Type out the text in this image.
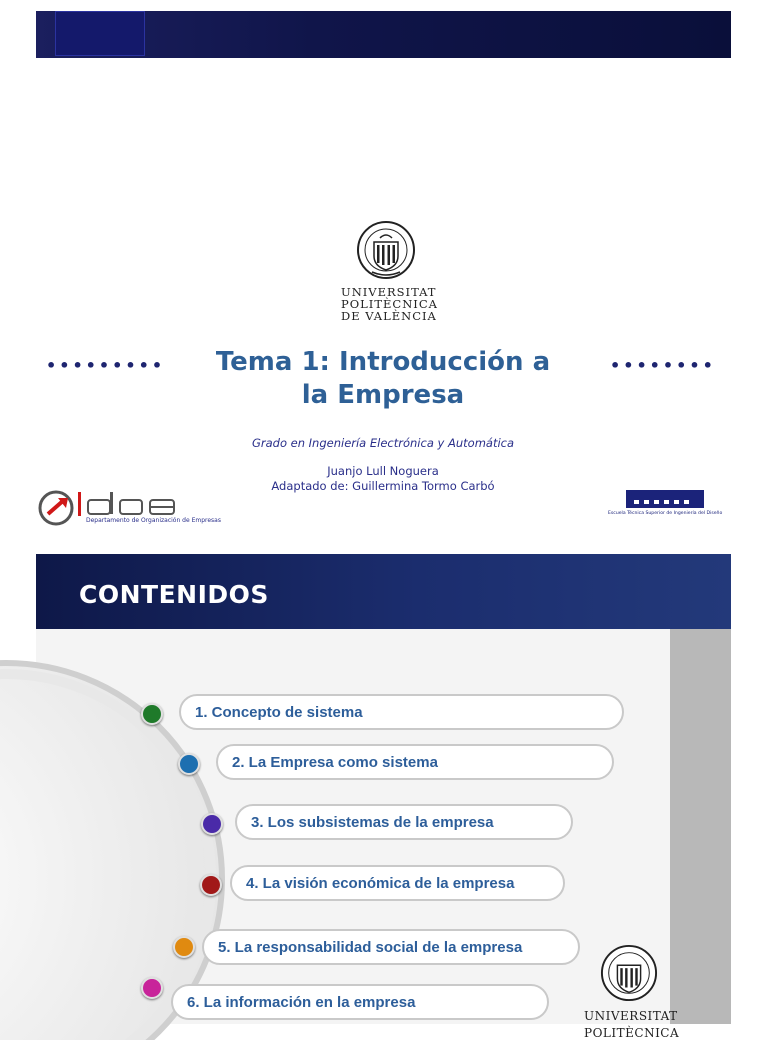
UNIVERSITAT
POLITÈCNICA
DE VALÈNCIA
•••••••••	••••••••
Tema 1: Introducción a
la Empresa
Grado en Ingeniería Electrónica y Automática
Juanjo Lull Noguera
Adaptado de: Guillermina Tormo Carbó
Departamento de Organización de Empresas
Escuela Técnica Superior de Ingeniería del Diseño
CONTENIDOS
1. Concepto de sistema
2. La Empresa como sistema
3. Los subsistemas de la empresa
4. La visión económica de la empresa
5. La responsabilidad social de la empresa
6. La información en la empresa
UNIVERSITAT
POLITÈCNICA
